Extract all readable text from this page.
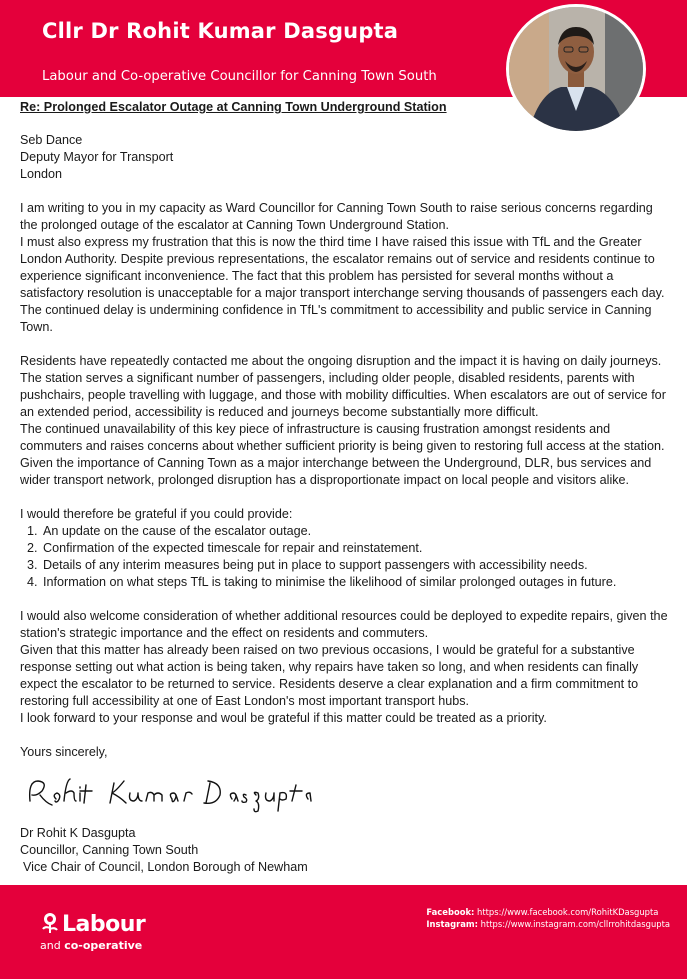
Cllr Dr Rohit Kumar Dasgupta
Labour and Co-operative Councillor for Canning Town South

Re: Prolonged Escalator Outage at Canning Town Underground Station

Seb Dance

Deputy Mayor for Transport

London

I am writing to you in my capacity as Ward Councillor for Canning Town South to raise serious concerns regarding the prolonged outage of the escalator at Canning Town Underground Station.

I must also express my frustration that this is now the third time I have raised this issue with TfL and the Greater London Authority. Despite previous representations, the escalator remains out of service and residents continue to experience significant inconvenience. The fact that this problem has persisted for several months without a satisfactory resolution is unacceptable for a major transport interchange serving thousands of passengers each day. The continued delay is undermining confidence in TfL's commitment to accessibility and public service in Canning Town.

Residents have repeatedly contacted me about the ongoing disruption and the impact it is having on daily journeys. The station serves a significant number of passengers, including older people, disabled residents, parents with pushchairs, people travelling with luggage, and those with mobility difficulties. When escalators are out of service for an extended period, accessibility is reduced and journeys become substantially more difficult.

The continued unavailability of this key piece of infrastructure is causing frustration amongst residents and commuters and raises concerns about whether sufficient priority is being given to restoring full access at the station. Given the importance of Canning Town as a major interchange between the Underground, DLR, bus services and wider transport network, prolonged disruption has a disproportionate impact on local people and visitors alike.

I would therefore be grateful if you could provide:

1. An update on the cause of the escalator outage.
2. Confirmation of the expected timescale for repair and reinstatement.
3. Details of any interim measures being put in place to support passengers with accessibility needs.
4. Information on what steps TfL is taking to minimise the likelihood of similar prolonged outages in future.

I would also welcome consideration of whether additional resources could be deployed to expedite repairs, given the station's strategic importance and the effect on residents and commuters.

Given that this matter has already been raised on two previous occasions, I would be grateful for a substantive response setting out what action is being taken, why repairs have taken so long, and when residents can finally expect the escalator to be returned to service. Residents deserve a clear explanation and a firm commitment to restoring full accessibility at one of East London's most important transport hubs.

I look forward to your response and woul be grateful if this matter could be treated as a priority.

Yours sincerely,

Dr Rohit K Dasgupta

Councillor, Canning Town South

Vice Chair of Council, London Borough of Newham

Labour
and co-operative
Facebook: https://www.facebook.com/RohitKDasgupta
Instagram: https://www.instagram.com/cllrrohitdasgupta
